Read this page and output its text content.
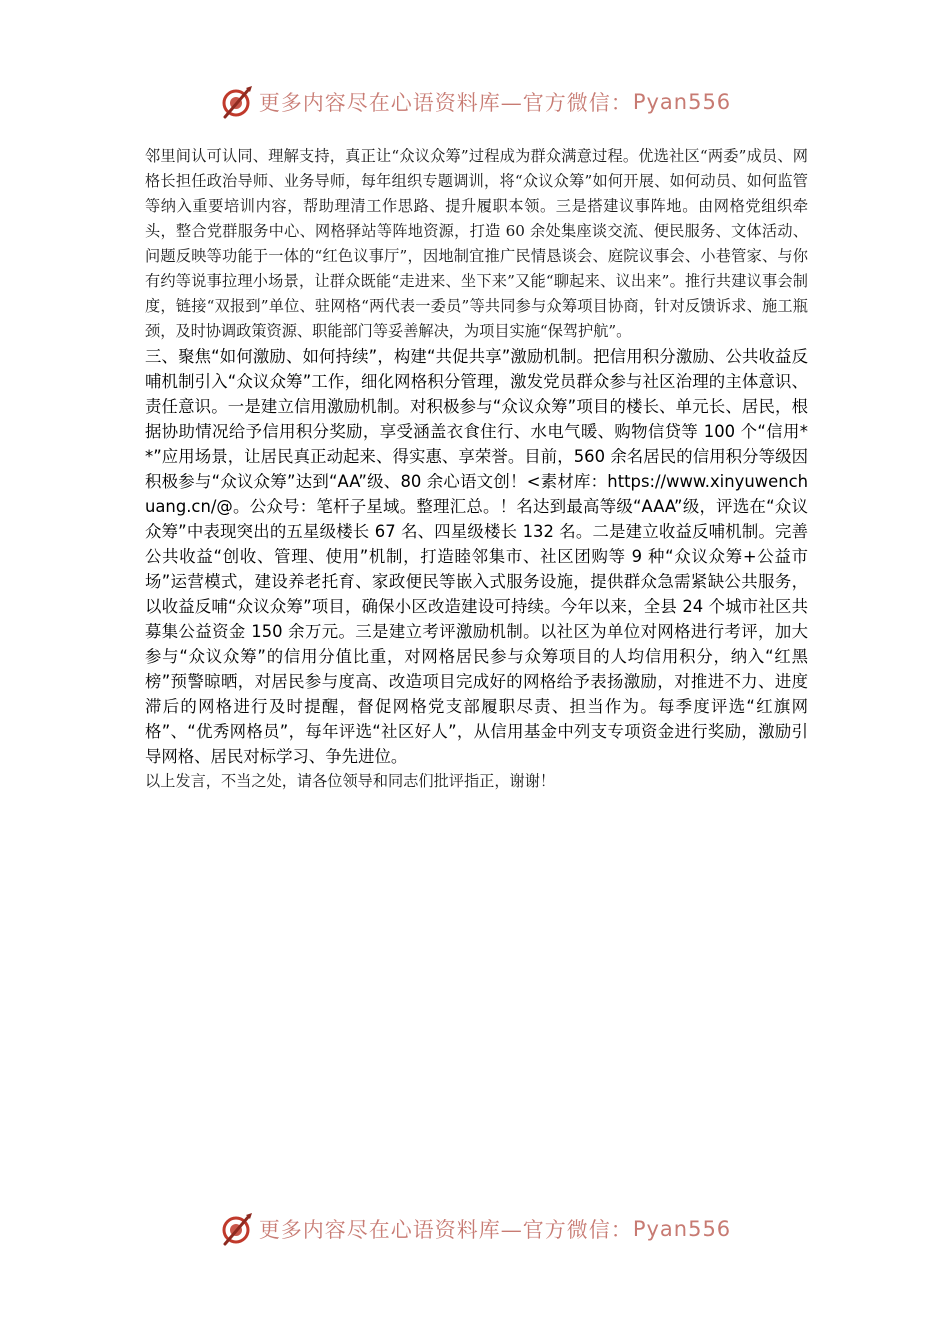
更多内容尽在心语资料库—官方微信： Pyan556

邻里间认可认同、理解支持，真正让“众议众筹”过程成为群众满意过程。优选社区“两委”成员、网格长担任政治导师、业务导师，每年组织专题调训，将“众议众筹”如何开展、如何动员、如何监管等纳入重要培训内容，帮助理清工作思路、提升履职本领。三是搭建议事阵地。由网格党组织牵头，整合党群服务中心、网格驿站等阵地资源，打造 60 余处集座谈交流、便民服务、文体活动、问题反映等功能于一体的“红色议事厅”，因地制宜推广民情恳谈会、庭院议事会、小巷管家、与你有约等说事拉理小场景，让群众既能“走进来、坐下来”又能“聊起来、议出来”。推行共建议事会制度，链接“双报到”单位、驻网格“两代表一委员”等共同参与众筹项目协商，针对反馈诉求、施工瓶颈，及时协调政策资源、职能部门等妥善解决，为项目实施“保驾护航”。

三、聚焦“如何激励、如何持续”，构建“共促共享”激励机制。把信用积分激励、公共收益反哺机制引入“众议众筹”工作，细化网格积分管理，激发党员群众参与社区治理的主体意识、责任意识。一是建立信用激励机制。对积极参与“众议众筹”项目的楼长、单元长、居民，根据协助情况给予信用积分奖励，享受涵盖衣食住行、水电气暖、购物信贷等 100 个“信用**”应用场景，让居民真正动起来、得实惠、享荣誉。目前，560 余名居民的信用积分等级因积极参与“众议众筹”达到“AA”级、80 余心语文创！<素材库：https://www.xinyuwenchuang.cn/@。公众号：笔杆子星域。整理汇总。！名达到最高等级“AAA”级，评选在“众议众筹”中表现突出的五星级楼长 67 名、四星级楼长 132 名。二是建立收益反哺机制。完善公共收益“创收、管理、使用”机制，打造睦邻集市、社区团购等 9 种“众议众筹+公益市场”运营模式，建设养老托育、家政便民等嵌入式服务设施，提供群众急需紧缺公共服务，以收益反哺“众议众筹”项目，确保小区改造建设可持续。今年以来，全县 24 个城市社区共募集公益资金 150 余万元。三是建立考评激励机制。以社区为单位对网格进行考评，加大参与“众议众筹”的信用分值比重，对网格居民参与众筹项目的人均信用积分，纳入“红黑榜”预警晾晒，对居民参与度高、改造项目完成好的网格给予表扬激励，对推进不力、进度滞后的网格进行及时提醒，督促网格党支部履职尽责、担当作为。每季度评选“红旗网格”、“优秀网格员”，每年评选“社区好人”，从信用基金中列支专项资金进行奖励，激励引导网格、居民对标学习、争先进位。

以上发言，不当之处，请各位领导和同志们批评指正，谢谢！

更多内容尽在心语资料库—官方微信： Pyan556
